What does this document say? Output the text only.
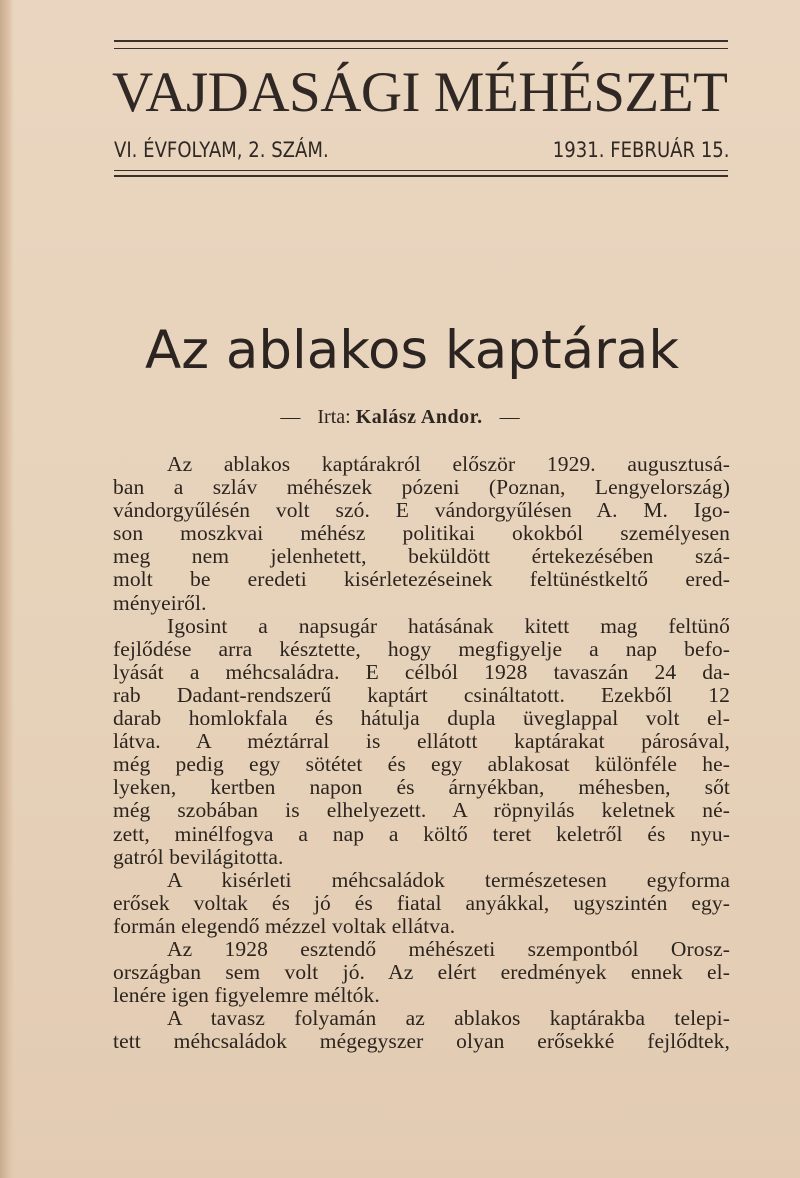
VAJDASÁGI MÉHÉSZET
VI. ÉVFOLYAM, 2. SZÁM.	1931. FEBRUÁR 15.
Az ablakos kaptárak
— Irta: Kalász Andor. —
Az ablakos kaptárakról először 1929. augusztusá-
ban a szláv méhészek pózeni (Poznan, Lengyelország)
vándorgyűlésén volt szó. E vándorgyűlésen A. M. Igo-
son moszkvai méhész politikai okokból személyesen
meg nem jelenhetett, beküldött értekezésében szá-
molt be eredeti kisérletezéseinek feltünéstkeltő ered-
ményeiről.
Igosint a napsugár hatásának kitett mag feltünő
fejlődése arra késztette, hogy megfigyelje a nap befo-
lyását a méhcsaládra. E célból 1928 tavaszán 24 da-
rab Dadant-rendszerű kaptárt csináltatott. Ezekből 12
darab homlokfala és hátulja dupla üveglappal volt el-
látva. A méztárral is ellátott kaptárakat párosával,
még pedig egy sötétet és egy ablakosat különféle he-
lyeken, kertben napon és árnyékban, méhesben, sőt
még szobában is elhelyezett. A röpnyilás keletnek né-
zett, minélfogva a nap a költő teret keletről és nyu-
gatról bevilágitotta.
A kisérleti méhcsaládok természetesen egyforma
erősek voltak és jó és fiatal anyákkal, ugyszintén egy-
formán elegendő mézzel voltak ellátva.
Az 1928 esztendő méhészeti szempontból Orosz-
országban sem volt jó. Az elért eredmények ennek el-
lenére igen figyelemre méltók.
A tavasz folyamán az ablakos kaptárakba telepi-
tett méhcsaládok mégegyszer olyan erősekké fejlődtek,
